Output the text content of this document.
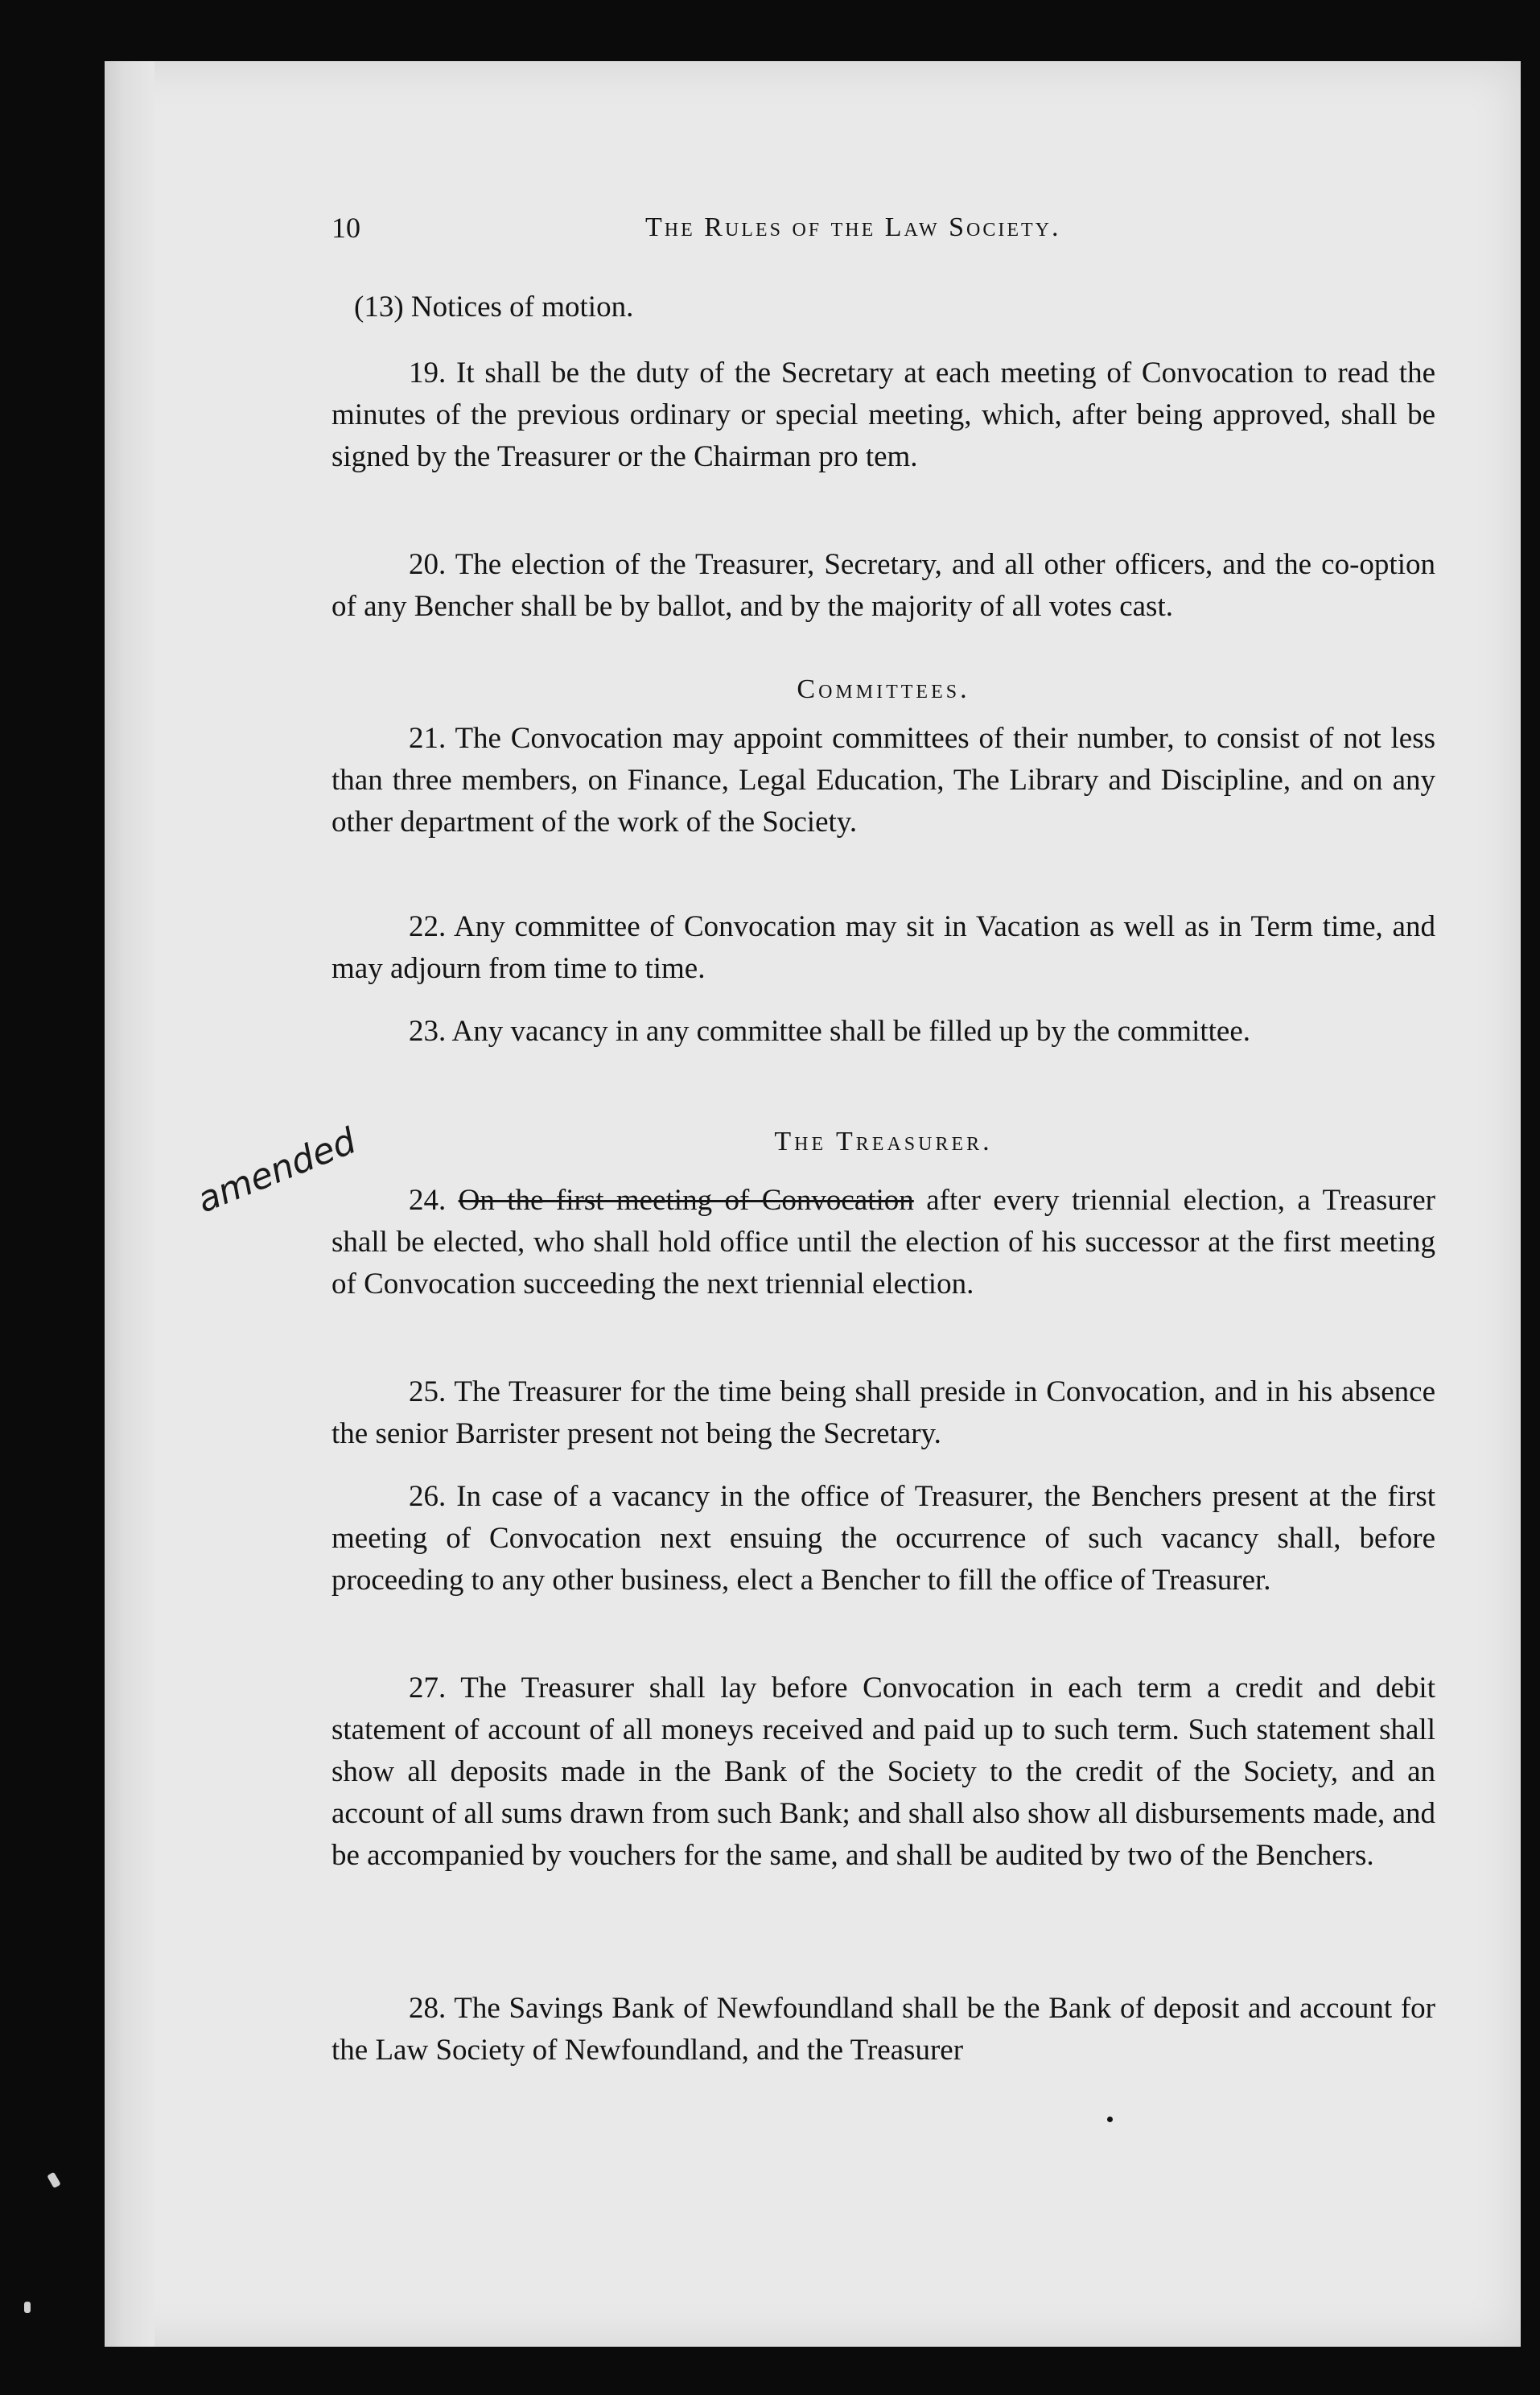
10	The Rules of the Law Society.

(13) Notices of motion.

19. It shall be the duty of the Secretary at each meeting of Convocation to read the minutes of the previous ordinary or special meeting, which, after being approved, shall be signed by the Treasurer or the Chairman pro tem.

20. The election of the Treasurer, Secretary, and all other officers, and the co-option of any Bencher shall be by ballot, and by the majority of all votes cast.

Committees.

21. The Convocation may appoint committees of their number, to consist of not less than three members, on Finance, Legal Education, The Library and Discipline, and on any other department of the work of the Society.

22. Any committee of Convocation may sit in Vacation as well as in Term time, and may adjourn from time to time.

23. Any vacancy in any committee shall be filled up by the committee.

The Treasurer.
amended	24. On the first meeting of Convocation after every triennial election, a Treasurer shall be elected, who shall hold office until the election of his successor at the first meeting of Convocation succeeding the next triennial election.

25. The Treasurer for the time being shall preside in Convocation, and in his absence the senior Barrister present not being the Secretary.

26. In case of a vacancy in the office of Treasurer, the Benchers present at the first meeting of Convocation next ensuing the occurrence of such vacancy shall, before proceeding to any other business, elect a Bencher to fill the office of Treasurer.

27. The Treasurer shall lay before Convocation in each term a credit and debit statement of account of all moneys received and paid up to such term. Such statement shall show all deposits made in the Bank of the Society to the credit of the Society, and an account of all sums drawn from such Bank; and shall also show all disbursements made, and be accompanied by vouchers for the same, and shall be audited by two of the Benchers.

28. The Savings Bank of Newfoundland shall be the Bank of deposit and account for the Law Society of Newfoundland, and the Treasurer
